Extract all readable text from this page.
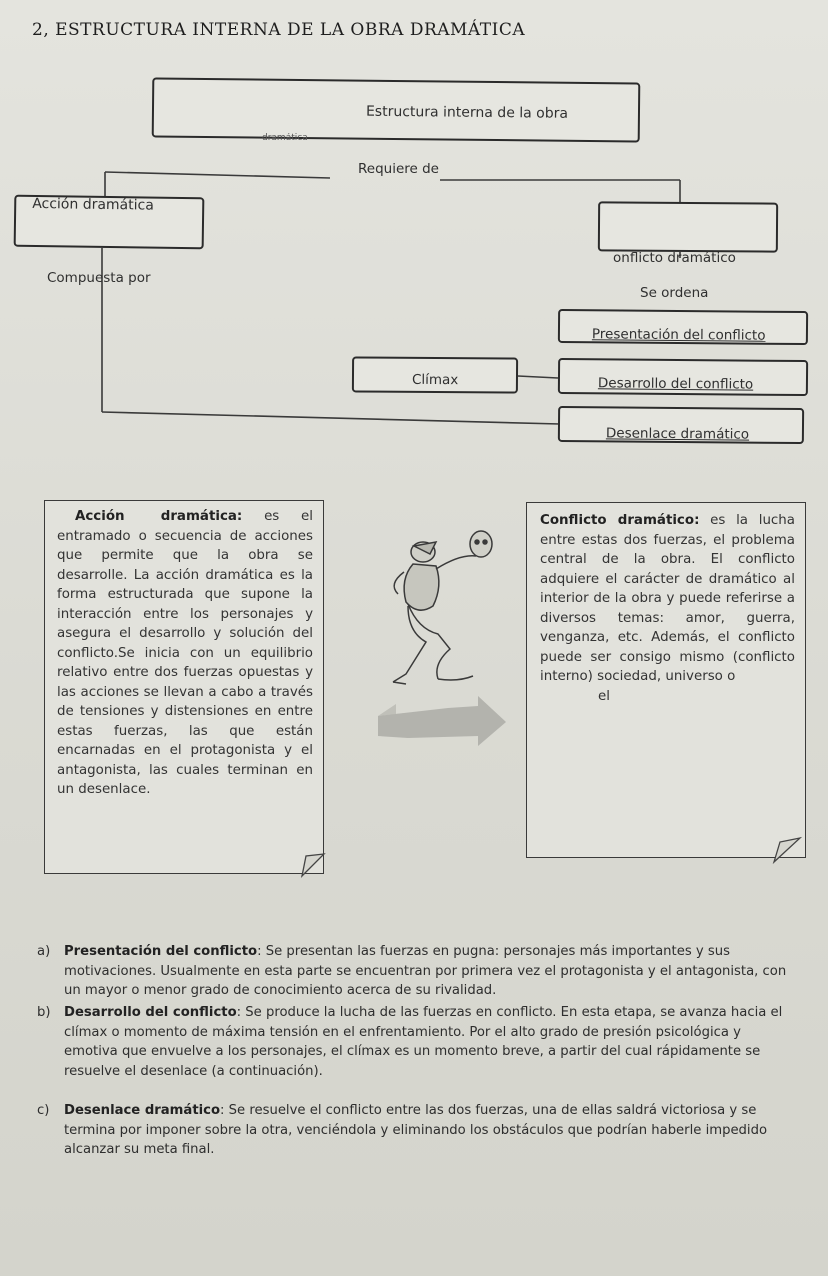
2, ESTRUCTURA INTERNA DE LA OBRA DRAMÁTICA
Estructura interna de la obra
dramática
Requiere de
Acción dramática
Compuesta por
onflicto dramático
Se ordena
Presentación del conflicto
Clímax	Desarrollo del conflicto
Desenlace dramático

Acción dramática: es el entramado o secuencia de acciones que permite que la obra se desarrolle. La acción dramática es la forma estructurada que supone la interacción entre los personajes y asegura el desarrollo y solución del conflicto.Se inicia con un equilibrio relativo entre dos fuerzas opuestas y las acciones se llevan a cabo a través de tensiones y distensiones en entre estas fuerzas, las que están encarnadas en el protagonista y el antagonista, las cuales terminan en un desenlace.

Conflicto dramático: es la lucha entre estas dos fuerzas, el problema central de la obra. El conflicto adquiere el carácter de dramático al interior de la obra y puede referirse a diversos temas: amor, guerra, venganza, etc. Además, el conflicto puede ser consigo mismo (conflicto interno) sociedad, universo o

el

a) Presentación del conflicto: Se presentan las fuerzas en pugna: personajes más importantes y sus motivaciones. Usualmente en esta parte se encuentran por primera vez el protagonista y el antagonista, con un mayor o menor grado de conocimiento acerca de su rivalidad.
b) Desarrollo del conflicto: Se produce la lucha de las fuerzas en conflicto. En esta etapa, se avanza hacia el clímax o momento de máxima tensión en el enfrentamiento. Por el alto grado de presión psicológica y emotiva que envuelve a los personajes, el clímax es un momento breve, a partir del cual rápidamente se resuelve el desenlace (a continuación).
c) Desenlace dramático: Se resuelve el conflicto entre las dos fuerzas, una de ellas saldrá victoriosa y se termina por imponer sobre la otra, venciéndola y eliminando los obstáculos que podrían haberle impedido alcanzar su meta final.
